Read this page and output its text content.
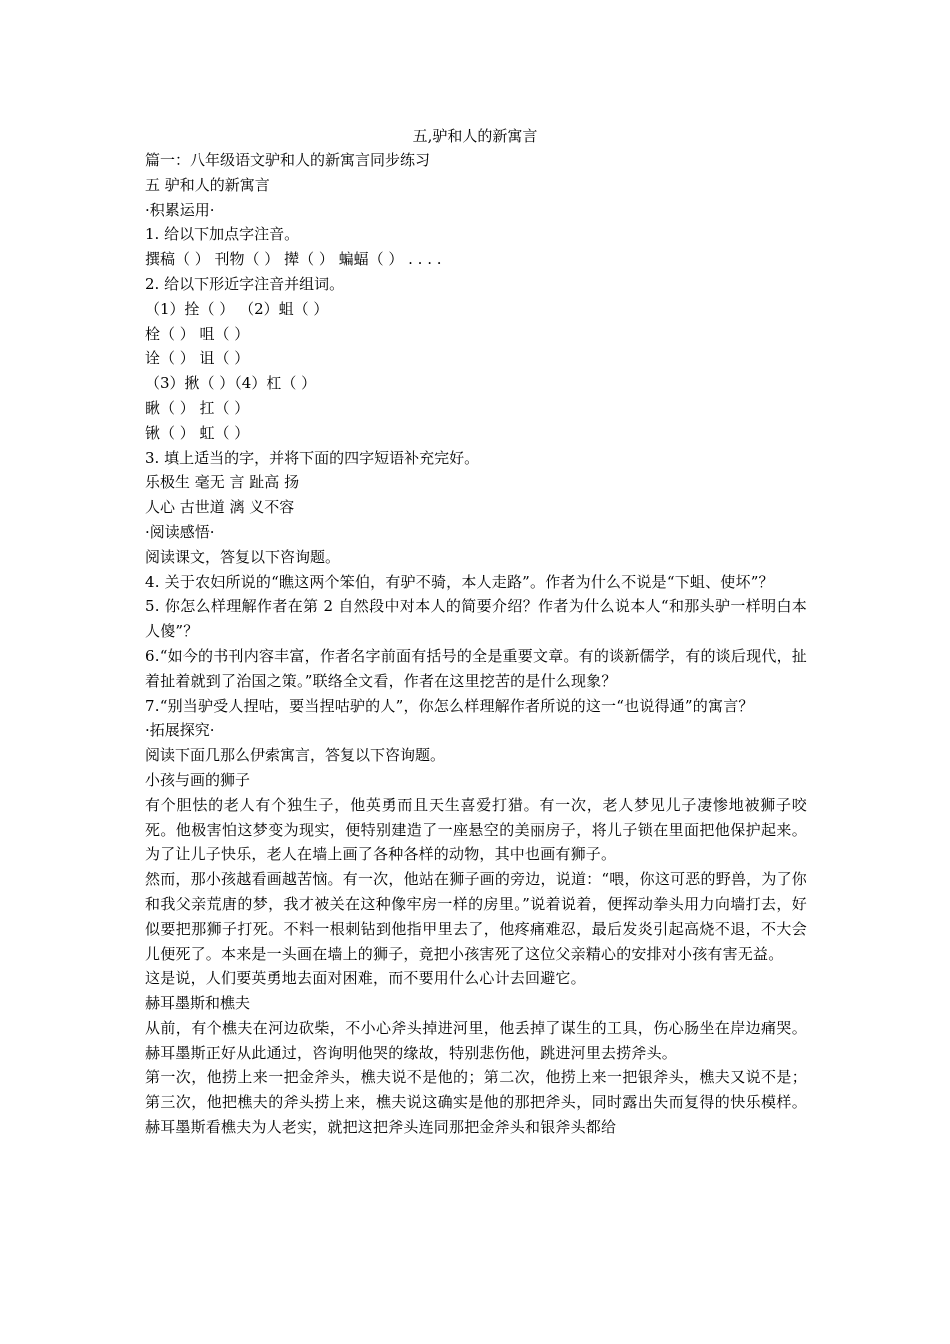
五,驴和人的新寓言
篇一：八年级语文驴和人的新寓言同步练习
五 驴和人的新寓言
·积累运用·
1. 给以下加点字注音。
撰稿（ ） 刊物（ ） 撵（ ） 蝙蝠（ ） . . . .
2. 给以下形近字注音并组词。
（1）拴（ ） （2）蛆（ ）
栓（ ） 咀（ ）
诠（ ） 诅（ ）
（3）揪（ ）（4）杠（ ）
瞅（ ） 扛（ ）
锹（ ） 虹（ ）
3. 填上适当的字，并将下面的四字短语补充完好。
乐极生 毫无 言 趾高 扬
人心 古世道 漓 义不容
·阅读感悟·
阅读课文，答复以下咨询题。
4. 关于农妇所说的“瞧这两个笨伯，有驴不骑，本人走路”。作者为什么不说是“下蛆、使坏”？
5. 你怎么样理解作者在第 2 自然段中对本人的简要介绍？作者为什么说本人“和那头驴一样明白本人傻”？
6.“如今的书刊内容丰富，作者名字前面有括号的全是重要文章。有的谈新儒学，有的谈后现代，扯着扯着就到了治国之策。”联络全文看，作者在这里挖苦的是什么现象？
7.“别当驴受人捏咕，要当捏咕驴的人”，你怎么样理解作者所说的这一“也说得通”的寓言？
·拓展探究·
阅读下面几那么伊索寓言，答复以下咨询题。
小孩与画的狮子
有个胆怯的老人有个独生子，他英勇而且天生喜爱打猎。有一次，老人梦见儿子凄惨地被狮子咬死。他极害怕这梦变为现实，便特别建造了一座悬空的美丽房子，将儿子锁在里面把他保护起来。为了让儿子快乐，老人在墙上画了各种各样的动物，其中也画有狮子。
然而，那小孩越看画越苦恼。有一次，他站在狮子画的旁边，说道：“喂，你这可恶的野兽，为了你和我父亲荒唐的梦，我才被关在这种像牢房一样的房里。”说着说着，便挥动拳头用力向墙打去，好似要把那狮子打死。不料一根刺钻到他指甲里去了，他疼痛难忍，最后发炎引起高烧不退，不大会儿便死了。本来是一头画在墙上的狮子，竟把小孩害死了这位父亲精心的安排对小孩有害无益。
这是说，人们要英勇地去面对困难，而不要用什么心计去回避它。
赫耳墨斯和樵夫
从前，有个樵夫在河边砍柴，不小心斧头掉进河里，他丢掉了谋生的工具，伤心肠坐在岸边痛哭。赫耳墨斯正好从此通过，咨询明他哭的缘故，特别悲伤他，跳进河里去捞斧头。
第一次，他捞上来一把金斧头，樵夫说不是他的；第二次，他捞上来一把银斧头，樵夫又说不是；第三次，他把樵夫的斧头捞上来，樵夫说这确实是他的那把斧头，同时露出失而复得的快乐模样。赫耳墨斯看樵夫为人老实，就把这把斧头连同那把金斧头和银斧头都给
